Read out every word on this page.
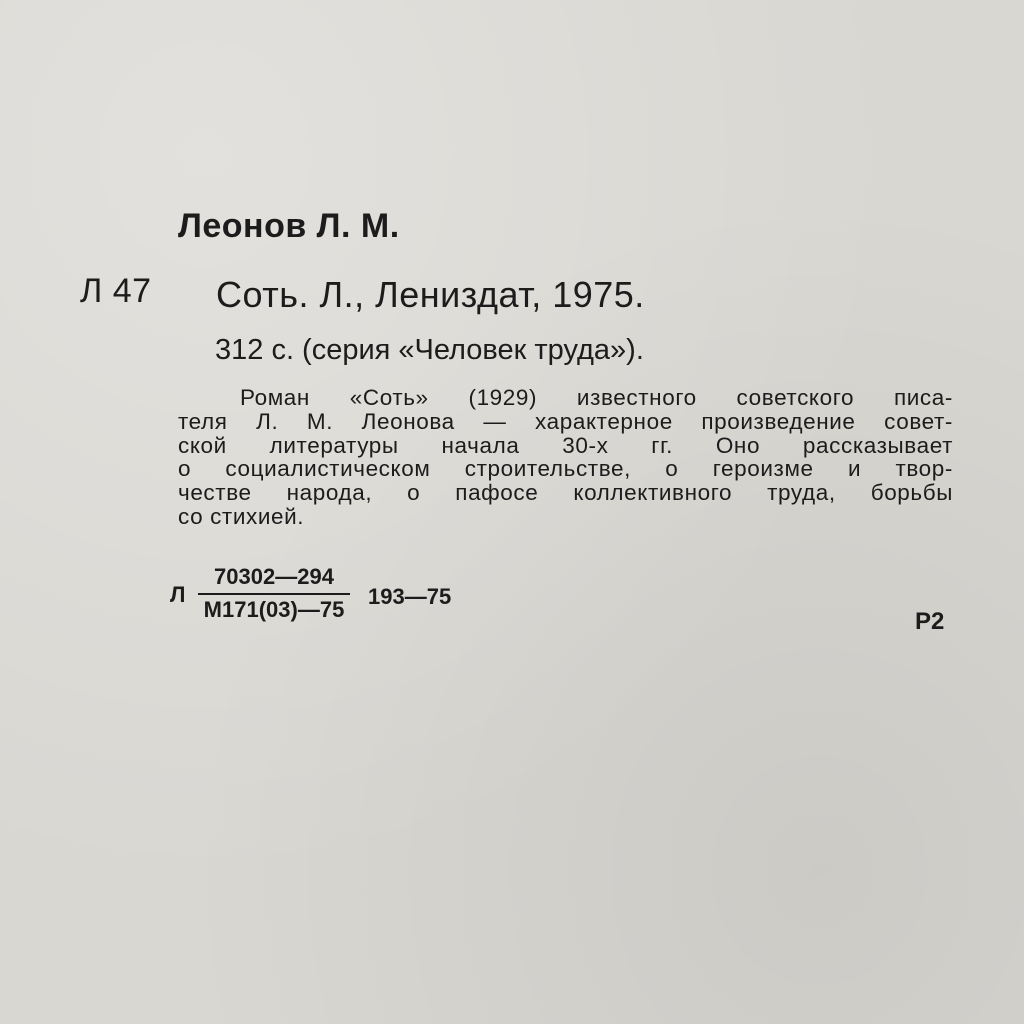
Леонов Л. М.
Л 47 Соть. Л., Лениздат, 1975.
312 с. (серия «Человек труда»).
Роман «Соть» (1929) известного советского писа-
теля Л. М. Леонова — характерное произведение совет-
ской литературы начала 30-х гг. Оно рассказывает
о социалистическом строительстве, о героизме и твор-
честве народа, о пафосе коллективного труда, борьбы
со стихией.
Л
70302—294
М171(03)—75
193—75
Р2
